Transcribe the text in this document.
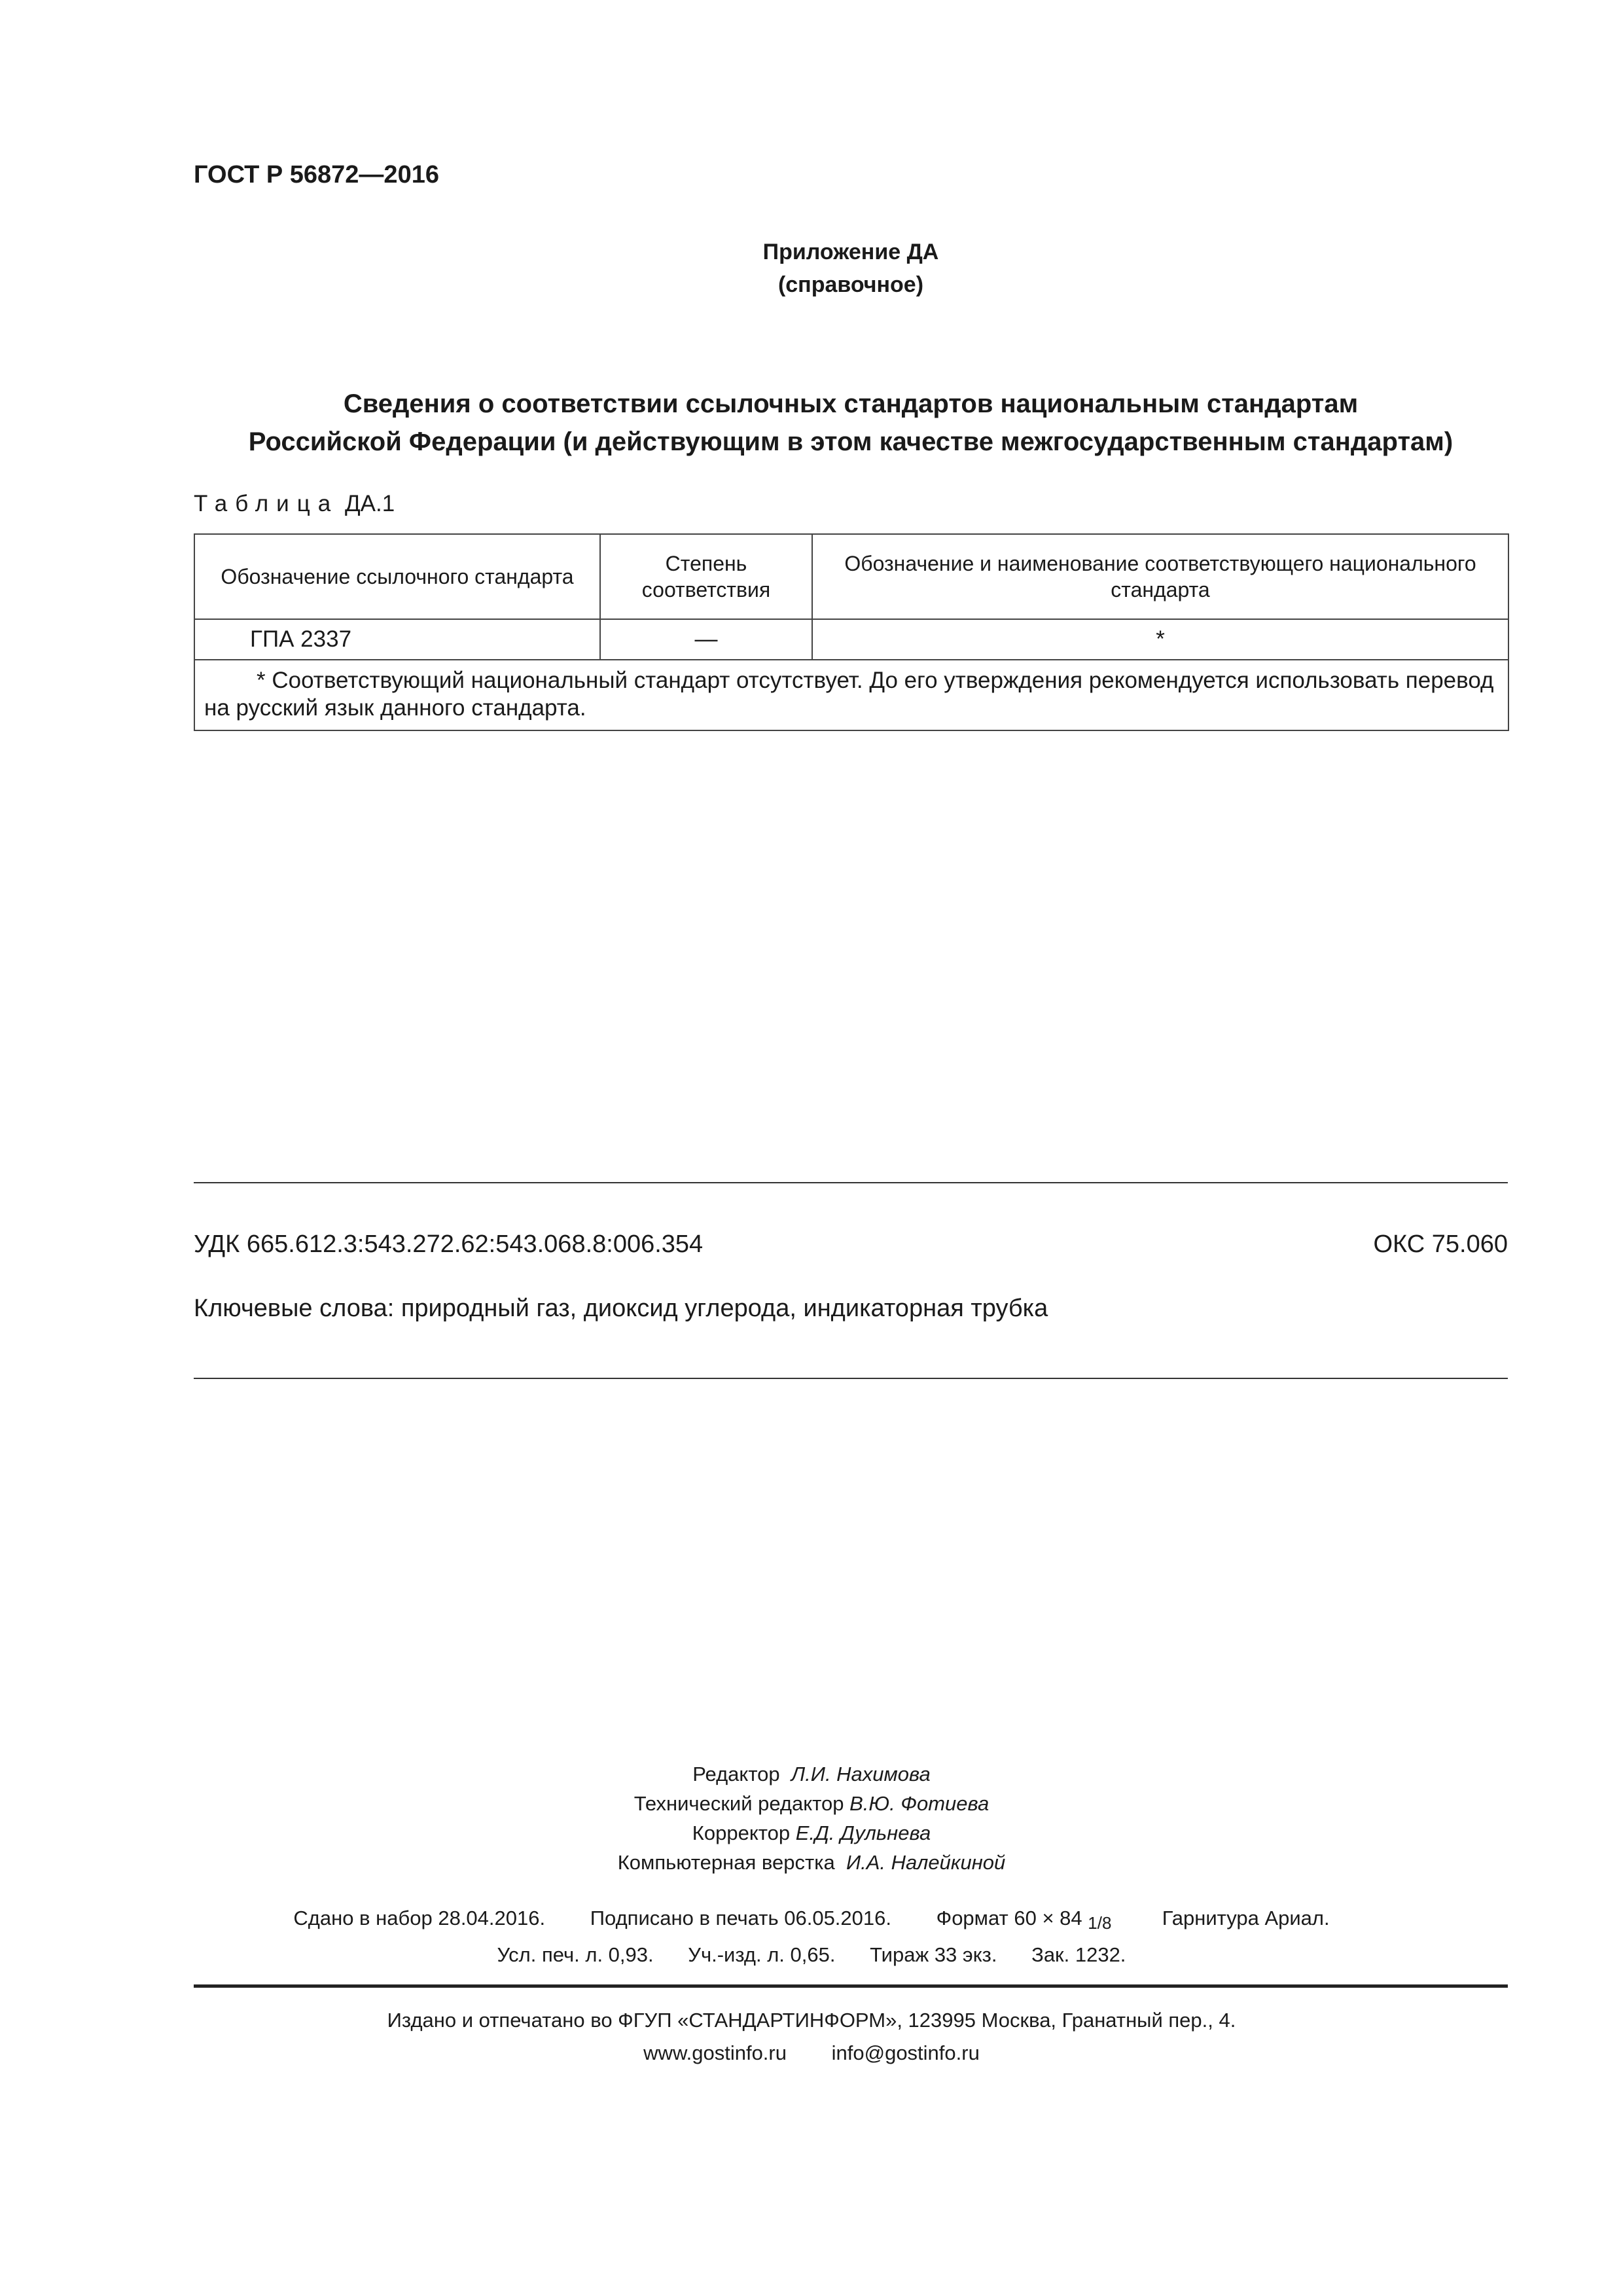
ГОСТ Р 56872—2016
Приложение ДА
(справочное)
Сведения о соответствии ссылочных стандартов национальным стандартам
Российской Федерации (и действующим в этом качестве межгосударственным стандартам)
Таблица ДА.1
Обозначение ссылочного стандарта	Степень соответствия	Обозначение и наименование соответствующего национального стандарта
ГПА 2337	—	*
* Соответствующий национальный стандарт отсутствует. До его утверждения рекомендуется использовать перевод на русский язык данного стандарта.		
УДК 665.612.3:543.272.62:543.068.8:006.354	ОКС 75.060
Ключевые слова: природный газ, диоксид углерода, индикаторная трубка
Редактор Л.И. Нахимова
Технический редактор В.Ю. Фотиева
Корректор Е.Д. Дульнева
Компьютерная верстка И.А. Налейкиной
Сдано в набор 28.04.2016. Подписано в печать 06.05.2016. Формат 60 × 84 1/8 Гарнитура Ариал.
Усл. печ. л. 0,93. Уч.-изд. л. 0,65. Тираж 33 экз. Зак. 1232.
Издано и отпечатано во ФГУП «СТАНДАРТИНФОРМ», 123995 Москва, Гранатный пер., 4.
www.gostinfo.ru info@gostinfo.ru
